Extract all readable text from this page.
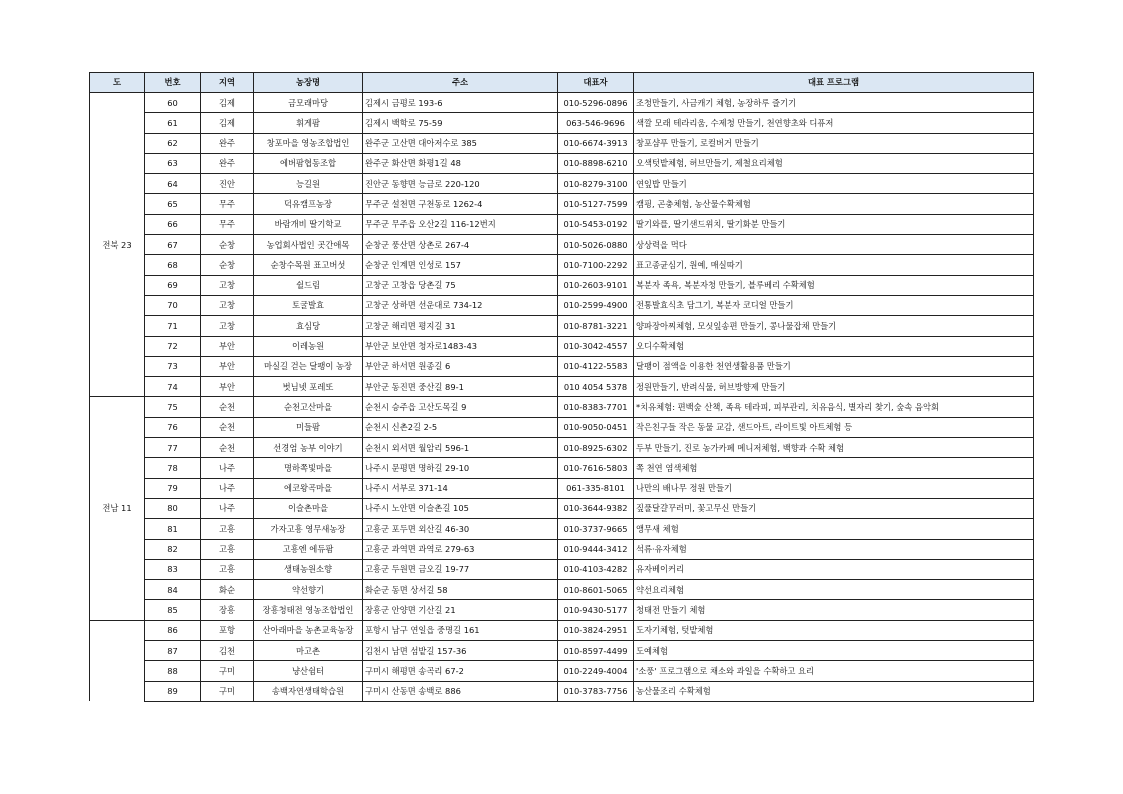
도	번호	지역	농장명	주소	대표자	대표 프로그램
전북 23	60	김제	금모래마당	김제시 금평로 193-6	010-5296-0896	조청만들기, 사금캐기 체험, 농장하루 즐기기
	61	김제	휘게팜	김제시 백학로 75-59	063-546-9696	색깔 모래 테라리움, 수제청 만들기, 천연향초와 디퓨저
	62	완주	창포마을 영농조합법인	완주군 고산면 대아저수로 385	010-6674-3913	창포샴푸 만들기, 로컬버거 만들기
	63	완주	에버팜협동조합	완주군 화산면 화평1길 48	010-8898-6210	오색텃밭체험, 허브만들기, 제철요리체험
	64	진안	능길원	진안군 동향면 능금로 220-120	010-8279-3100	연잎밥 만들기
	65	무주	덕유캠프농장	무주군 설천면 구천동로 1262-4	010-5127-7599	캠핑, 곤충체험, 농산물수확체험
	66	무주	바람개비 딸기학교	무주군 무주읍 오산2길 116-12번지	010-5453-0192	딸기와플, 딸기샌드위치, 딸기화분 만들기
	67	순창	농업회사법인 곳간애목	순창군 풍산면 상촌로 267-4	010-5026-0880	상상력을 먹다
	68	순창	순창수목원 표고버섯	순창군 인계면 인성로 157	010-7100-2292	표고종균심기, 원예, 매실따기
	69	고창	쉴드림	고창군 고창읍 당촌길 75	010-2603-9101	복분자 족욕, 복분자청 만들기, 블루베리 수확체험
	70	고창	토굴발효	고창군 상하면 선운대로 734-12	010-2599-4900	전통발효식초 담그기, 복분자 코디얼 만들기
	71	고창	효심당	고창군 해리면 평지길 31	010-8781-3221	양파장아찌체험, 모싯잎송편 만들기, 콩나물잡채 만들기
	72	부안	이레농원	부안군 보안면 청자로1483-43	010-3042-4557	오디수확체험
	73	부안	마실길 걷는 달팽이 농장	부안군 하서면 원종길 6	010-4122-5583	달팽이 점액을 이용한 천연생활용품 만들기
	74	부안	벗님넷 포레또	부안군 동진면 중산길 89-1	010 4054 5378	정원만들기, 반려식물, 허브방향제 만들기
전남 11	75	순천	순천고산마을	순천시 승주읍 고산도목길 9	010-8383-7701	*치유체험: 편백숲 산책, 족욕 테라피, 피부관리, 치유음식, 별자리 찾기, 숲속 음악회
	76	순천	미들팜	순천시 신촌2길 2-5	010-9050-0451	작은친구들 작은 동물 교감, 샌드아트, 라이트빛 아트체험 등
	77	순천	선경엄 농부 이야기	순천시 외서면 월암리 596-1	010-8925-6302	두부 만들기, 진로 농가카페 메니저체험, 백향과 수확 체험
	78	나주	명하쪽빛마을	나주시 문평면 명하길 29-10	010-7616-5803	쪽 천연 염색체험
	79	나주	에코왕곡마을	나주시 서부로 371-14	061-335-8101	나만의 배나무 정원 만들기
	80	나주	이슬촌마을	나주시 노안면 이슬촌길 105	010-3644-9382	짚풀달걀꾸러미, 꽃고무신 만들기
	81	고흥	가자고흥 영무새농장	고흥군 포두면 외산길 46-30	010-3737-9665	앵무새 체험
	82	고흥	고흥엔 에듀팜	고흥군 과역면 과역로 279-63	010-9444-3412	석류·유자체험
	83	고흥	생태농원소향	고흥군 두원면 금오길 19-77	010-4103-4282	유자베이커리
	84	화순	약선향기	화순군 동면 상서길 58	010-8601-5065	약선요리체험
	85	장흥	장흥청태전 영농조합법인	장흥군 안양면 기산길 21	010-9430-5177	청태전 만들기 체험
	86	포항	산아래마을 농촌교육농장	포항시 남구 연일읍 중명길 161	010-3824-2951	도자기체험, 텃밭체험
	87	김천	마고촌	김천시 남면 섬밭길 157-36	010-8597-4499	도예체험
	88	구미	냥산쉼터	구미시 해평면 송곡리 67-2	010-2249-4004	'소풍' 프로그램으로 채소와 과일을 수확하고 요리
	89	구미	송백자연생태학습원	구미시 산동면 송백로 886	010-3783-7756	농산물조리 수확체험
